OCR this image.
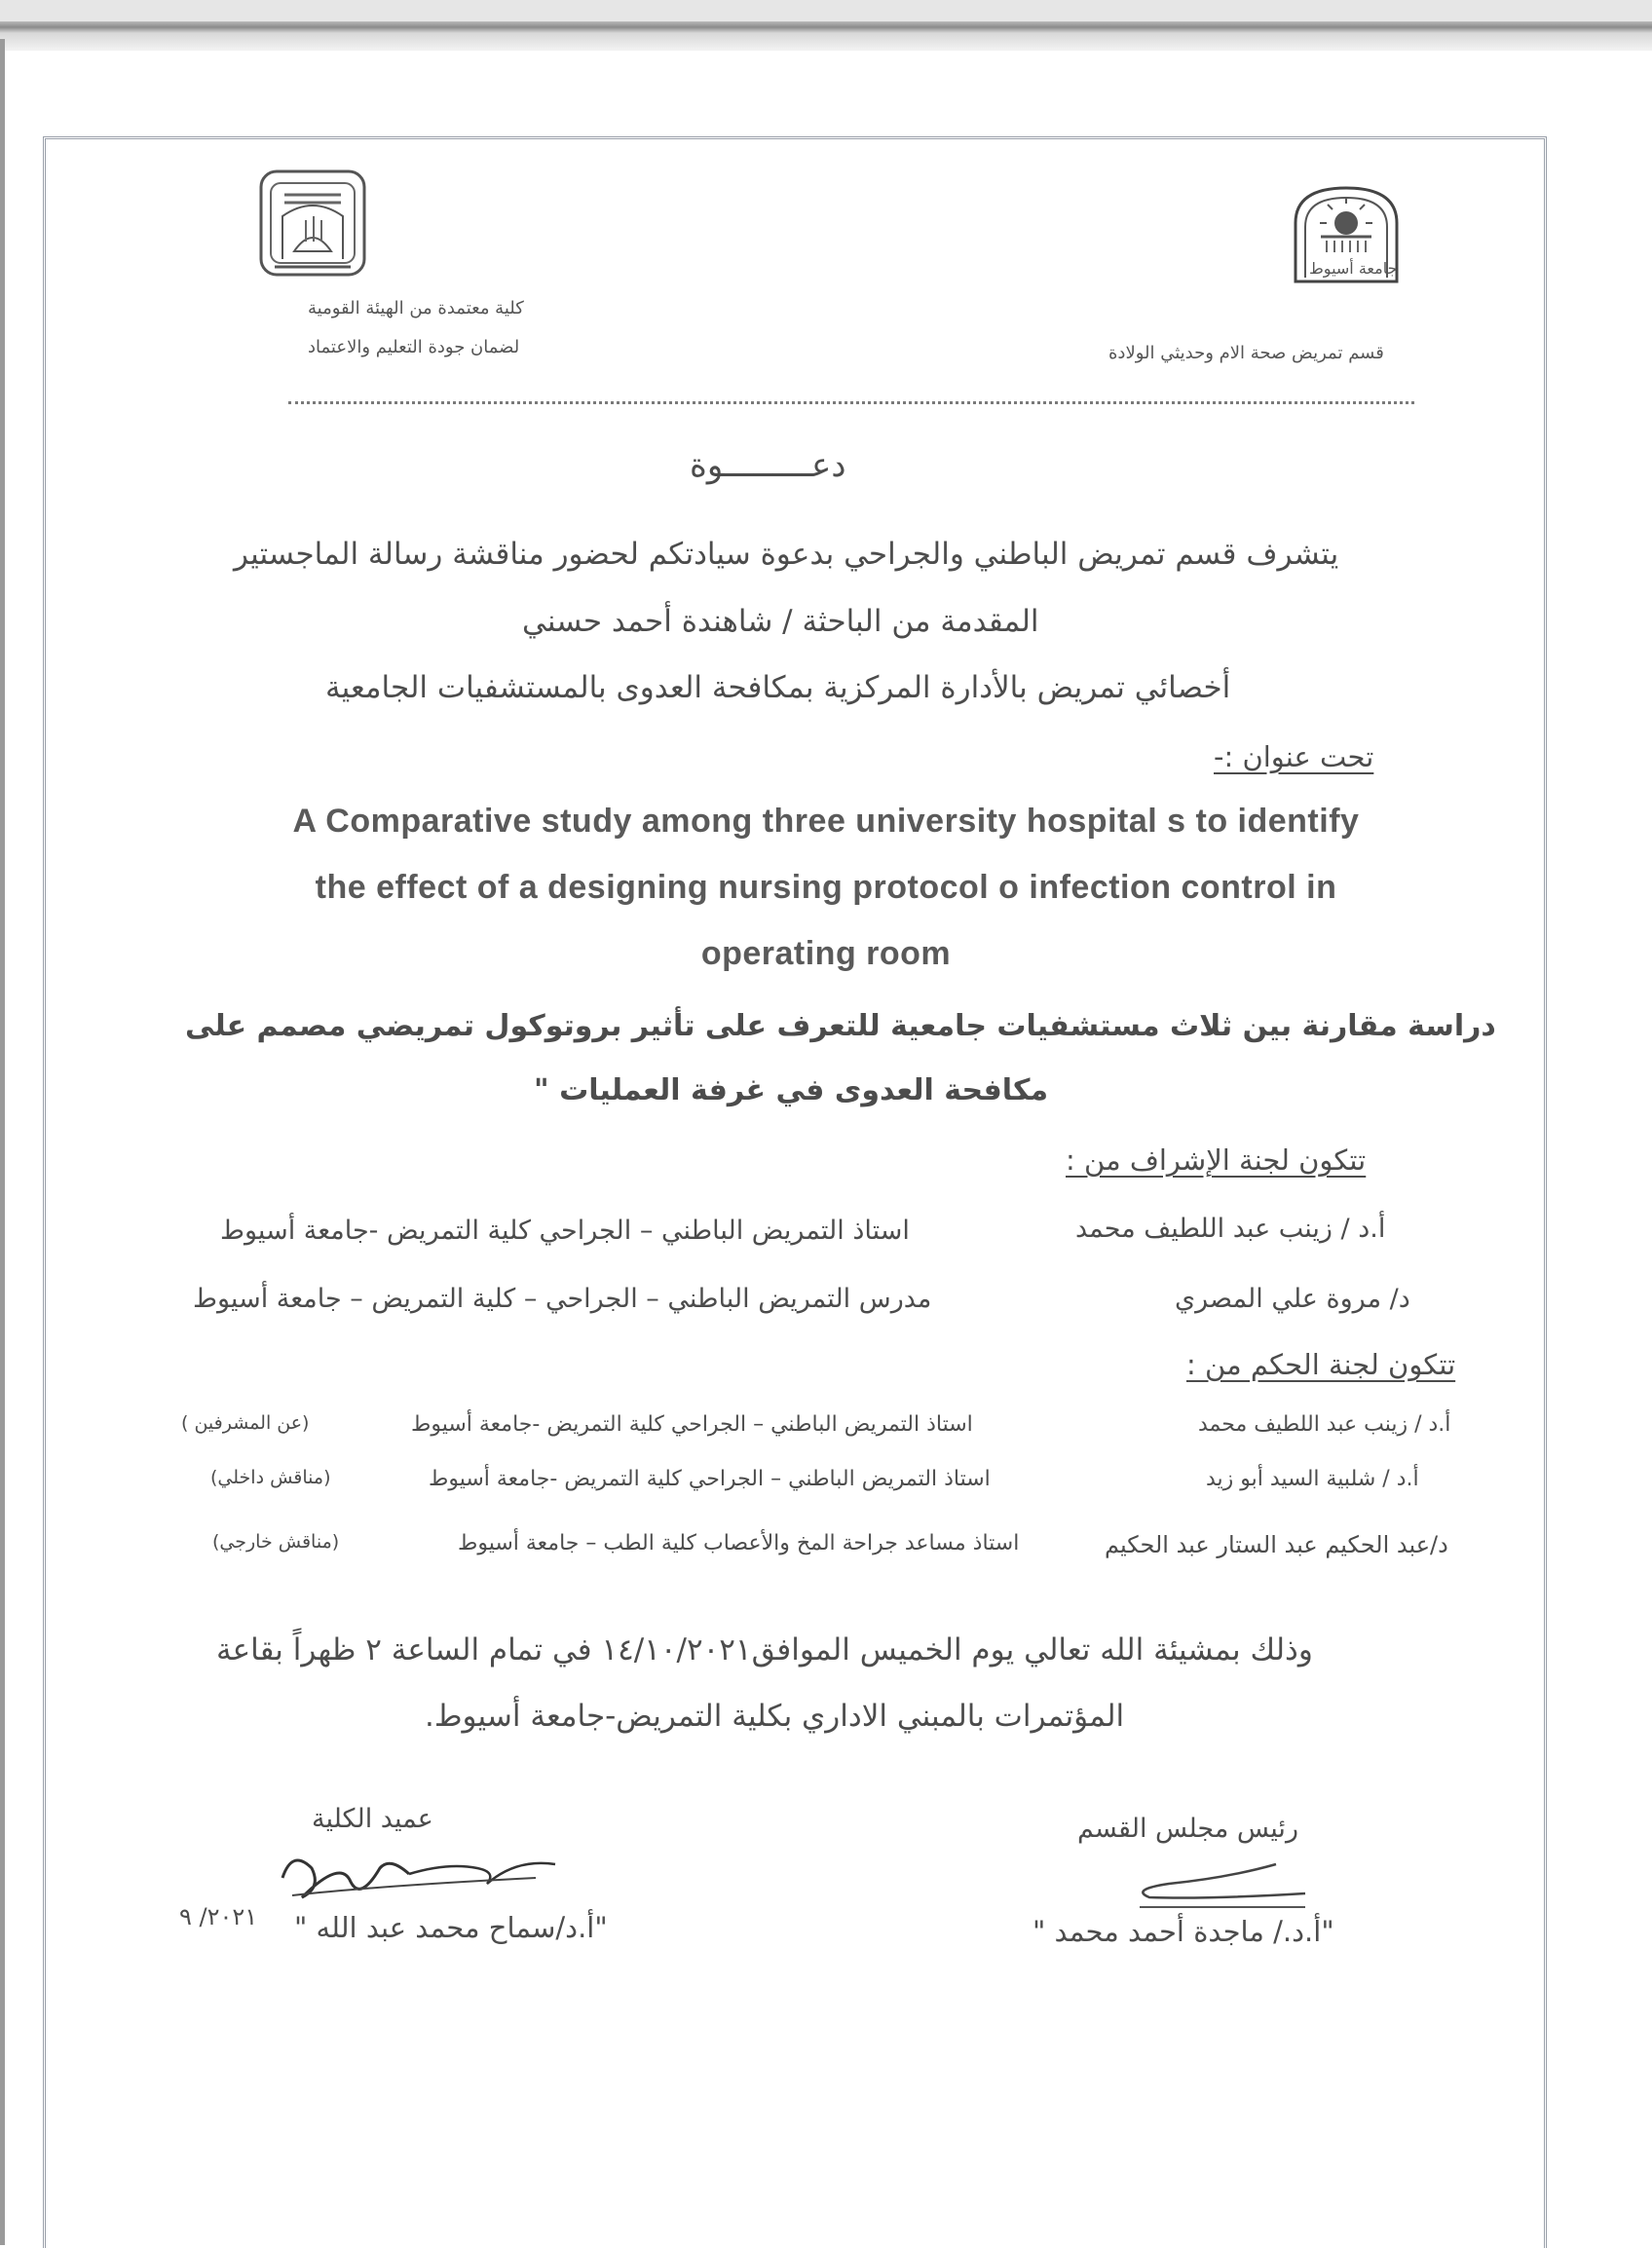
جامعة أسيوط
كلية معتمدة من الهيئة القومية
لضمان جودة التعليم والاعتماد	قسم تمريض صحة الام وحديثي الولادة
دعـــــــــوة
يتشرف قسم تمريض الباطني والجراحي بدعوة سيادتكم لحضور مناقشة رسالة الماجستير
المقدمة من الباحثة / شاهندة أحمد حسني
أخصائي تمريض بالأدارة المركزية بمكافحة العدوى بالمستشفيات الجامعية
تحت عنوان :-
A Comparative study among three university hospital s to identify
the effect of a designing nursing protocol o infection control in
operating room
دراسة مقارنة بين ثلاث مستشفيات جامعية للتعرف على تأثير بروتوكول تمريضي مصمم على
مكافحة العدوى في غرفة العمليات "
تتكون لجنة الإشراف من :
أ.د / زينب عبد اللطيف محمد
استاذ التمريض الباطني – الجراحي كلية التمريض -جامعة أسيوط
د/ مروة علي المصري
مدرس التمريض الباطني – الجراحي – كلية التمريض – جامعة أسيوط
تتكون لجنة الحكم من :
أ.د / زينب عبد اللطيف محمد
استاذ التمريض الباطني – الجراحي كلية التمريض -جامعة أسيوط
(عن المشرفين )
أ.د / شلبية السيد أبو زيد
استاذ التمريض الباطني – الجراحي كلية التمريض -جامعة أسيوط
(مناقش داخلي)
د/عبد الحكيم عبد الستار عبد الحكيم
استاذ مساعد جراحة المخ والأعصاب كلية الطب – جامعة أسيوط
(مناقش خارجي)
وذلك بمشيئة الله تعالي يوم الخميس الموافق١٤/١٠/٢٠٢١ في تمام الساعة ٢ ظهراً بقاعة
المؤتمرات بالمبني الاداري بكلية التمريض-جامعة أسيوط.
رئيس مجلس القسم
"أ.د./ ماجدة أحمد محمد "
عميد الكلية
"أ.د/سماح محمد عبد الله "
٢٠٢١/ ٩
